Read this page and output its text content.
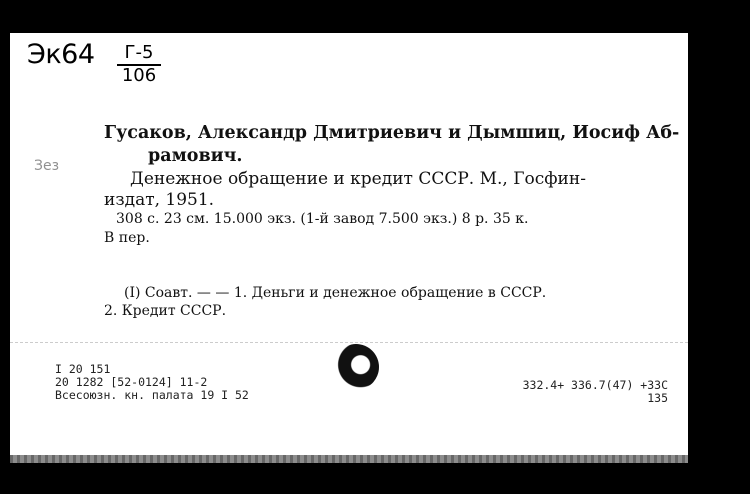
Эк64	Г-5
106
Гусаков, Александр Дмитриевич и Дымшиц, Иосиф Аб-
рамович.
Денежное обращение и кредит СССР. М., Госфин-
издат, 1951.
308 с. 23 см. 15.000 экз. (1-й завод 7.500 экз.) 8 р. 35 к.
В пер.
(I) Соавт. — — 1. Деньги и денежное обращение в СССР.
2. Кредит СССР.
I 20 151
20 1282 [52-0124] 11-2
Всесоюзн. кн. палата 19 I 52
332.4+ 336.7(47) +33С
135
Зез
